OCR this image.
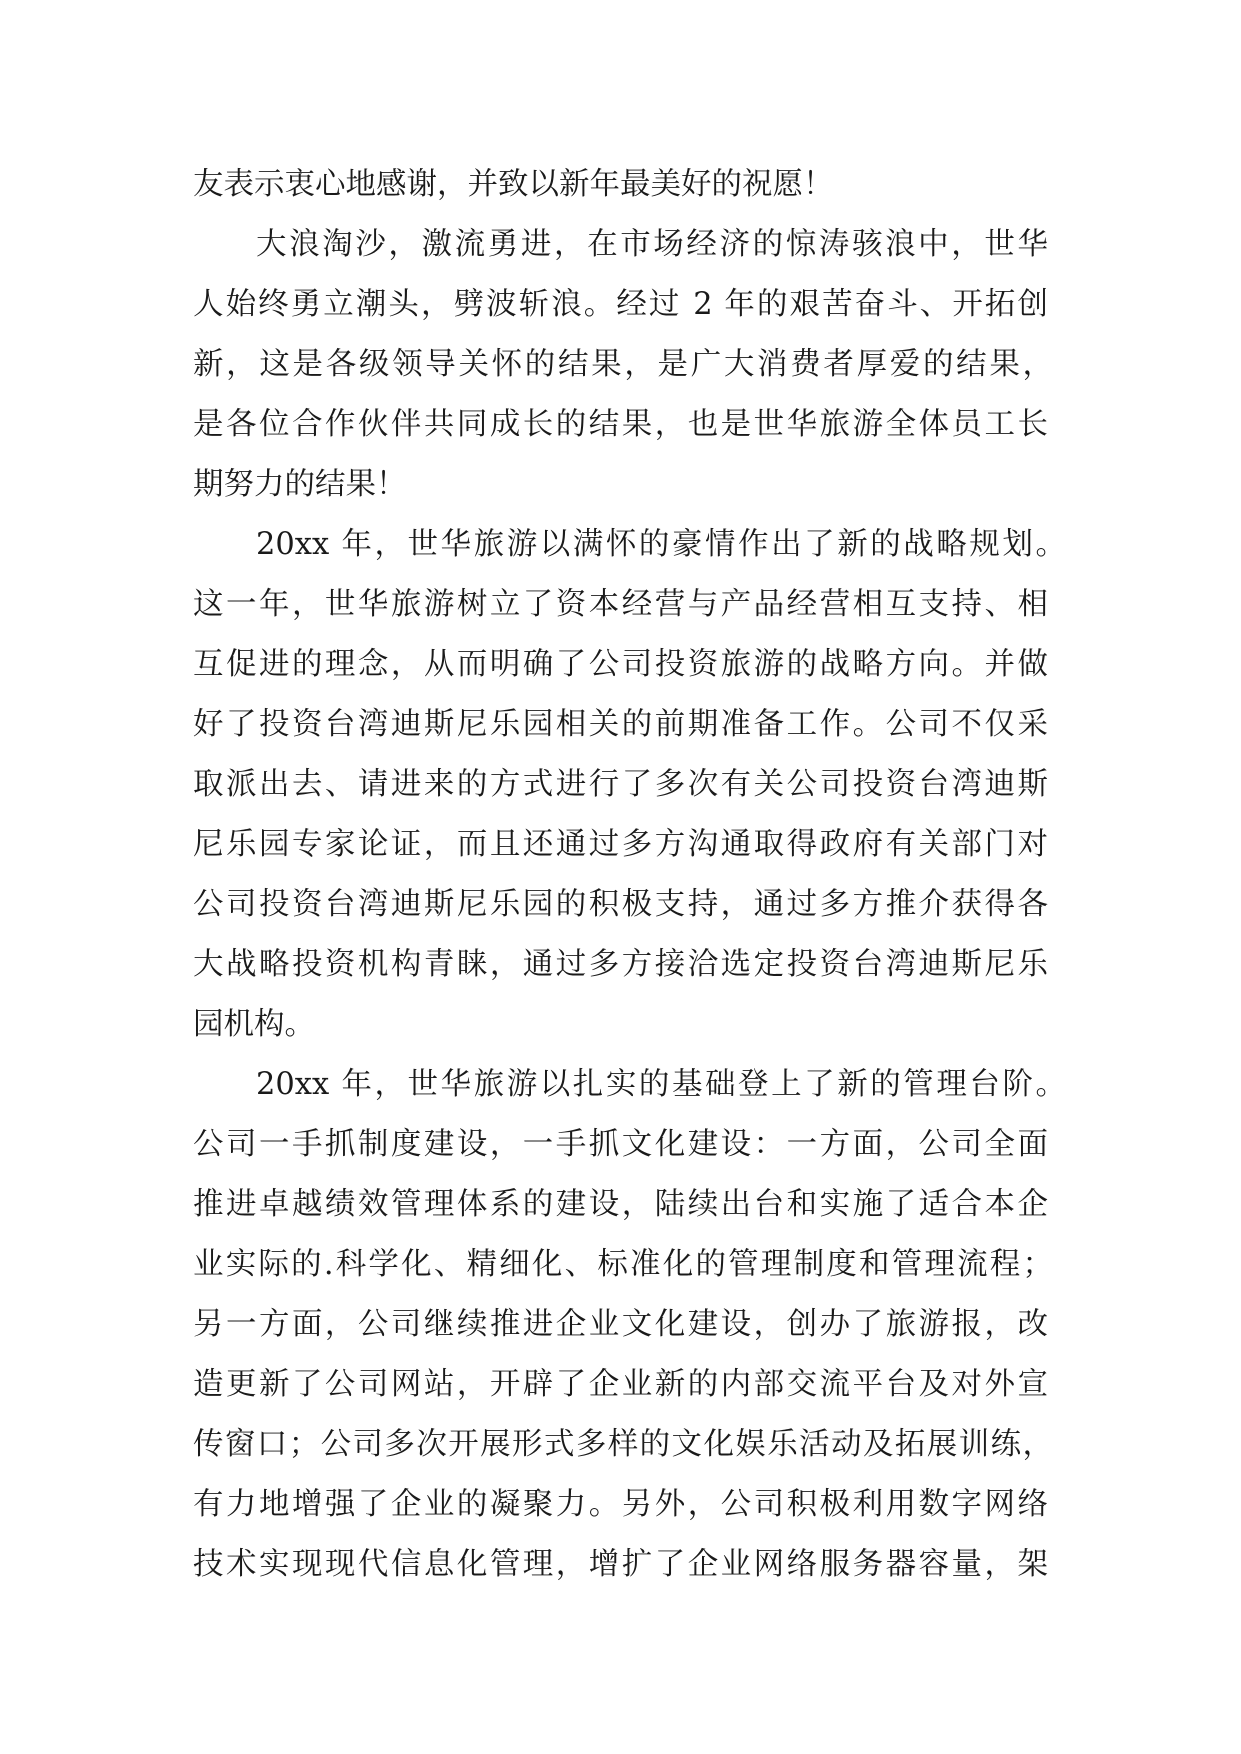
友表示衷心地感谢，并致以新年最美好的祝愿！
大浪淘沙，激流勇进，在市场经济的惊涛骇浪中，世华
人始终勇立潮头，劈波斩浪。经过 2 年的艰苦奋斗、开拓创
新，这是各级领导关怀的结果，是广大消费者厚爱的结果，
是各位合作伙伴共同成长的结果，也是世华旅游全体员工长
期努力的结果！
20xx 年，世华旅游以满怀的豪情作出了新的战略规划。
这一年，世华旅游树立了资本经营与产品经营相互支持、相
互促进的理念，从而明确了公司投资旅游的战略方向。并做
好了投资台湾迪斯尼乐园相关的前期准备工作。公司不仅采
取派出去、请进来的方式进行了多次有关公司投资台湾迪斯
尼乐园专家论证，而且还通过多方沟通取得政府有关部门对
公司投资台湾迪斯尼乐园的积极支持，通过多方推介获得各
大战略投资机构青睐，通过多方接洽选定投资台湾迪斯尼乐
园机构。
20xx 年，世华旅游以扎实的基础登上了新的管理台阶。
公司一手抓制度建设，一手抓文化建设：一方面，公司全面
推进卓越绩效管理体系的建设，陆续出台和实施了适合本企
业实际的.科学化、精细化、标准化的管理制度和管理流程；
另一方面，公司继续推进企业文化建设，创办了旅游报，改
造更新了公司网站，开辟了企业新的内部交流平台及对外宣
传窗口；公司多次开展形式多样的文化娱乐活动及拓展训练，
有力地增强了企业的凝聚力。另外，公司积极利用数字网络
技术实现现代信息化管理，增扩了企业网络服务器容量，架
